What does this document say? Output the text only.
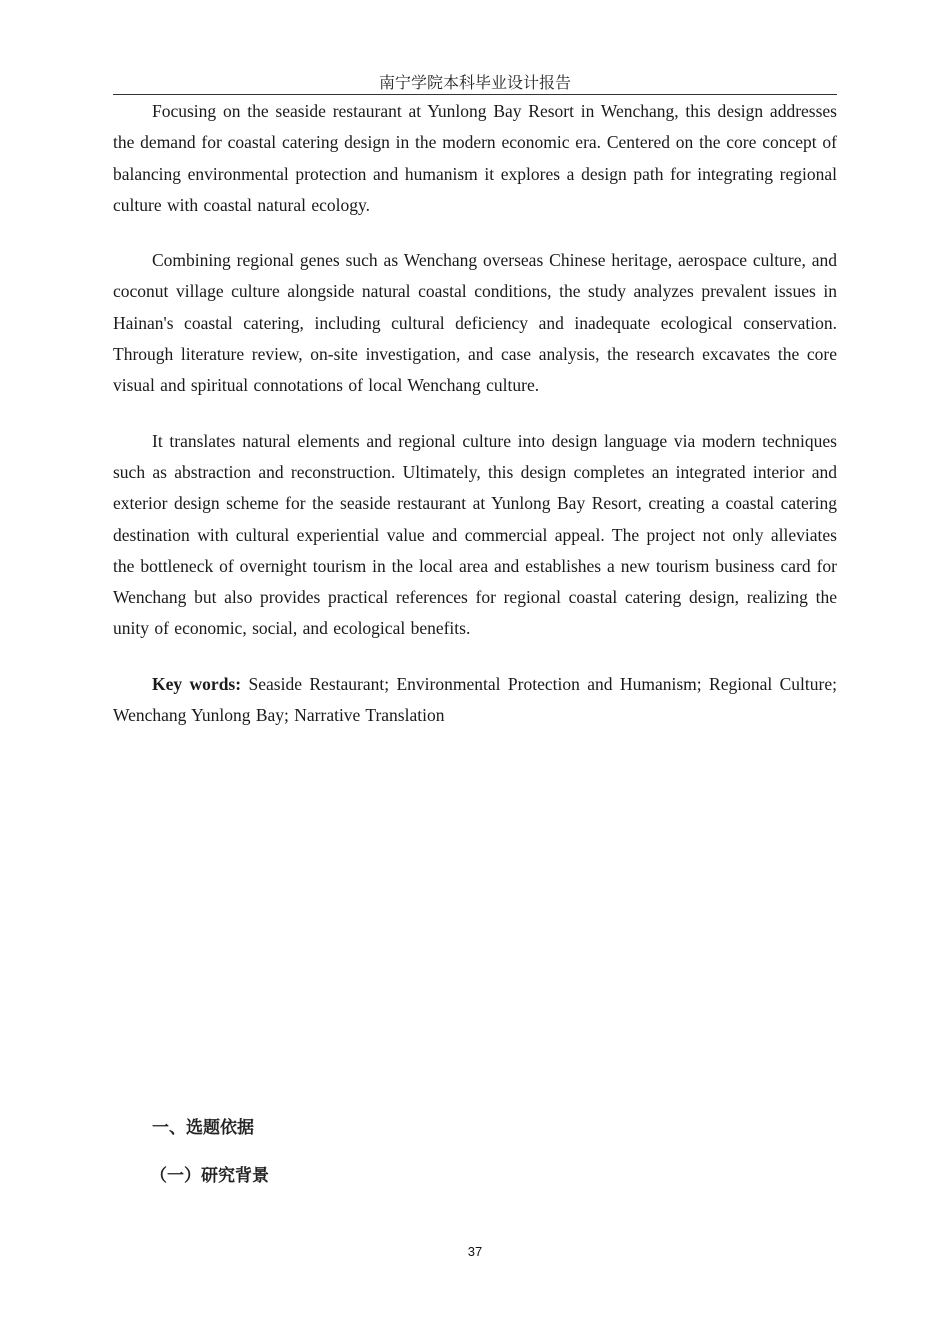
南宁学院本科毕业设计报告

Focusing on the seaside restaurant at Yunlong Bay Resort in Wenchang, this design addresses the demand for coastal catering design in the modern economic era. Centered on the core concept of balancing environmental protection and humanism it explores a design path for integrating regional culture with coastal natural ecology.

Combining regional genes such as Wenchang overseas Chinese heritage, aerospace culture, and coconut village culture alongside natural coastal conditions, the study analyzes prevalent issues in Hainan's coastal catering, including cultural deficiency and inadequate ecological conservation. Through literature review, on-site investigation, and case analysis, the research excavates the core visual and spiritual connotations of local Wenchang culture.

It translates natural elements and regional culture into design language via modern techniques such as abstraction and reconstruction. Ultimately, this design completes an integrated interior and exterior design scheme for the seaside restaurant at Yunlong Bay Resort, creating a coastal catering destination with cultural experiential value and commercial appeal. The project not only alleviates the bottleneck of overnight tourism in the local area and establishes a new tourism business card for Wenchang but also provides practical references for regional coastal catering design, realizing the unity of economic, social, and ecological benefits.

Key words: Seaside Restaurant; Environmental Protection and Humanism; Regional Culture; Wenchang Yunlong Bay; Narrative Translation

一、选题依据
（一）研究背景
37
